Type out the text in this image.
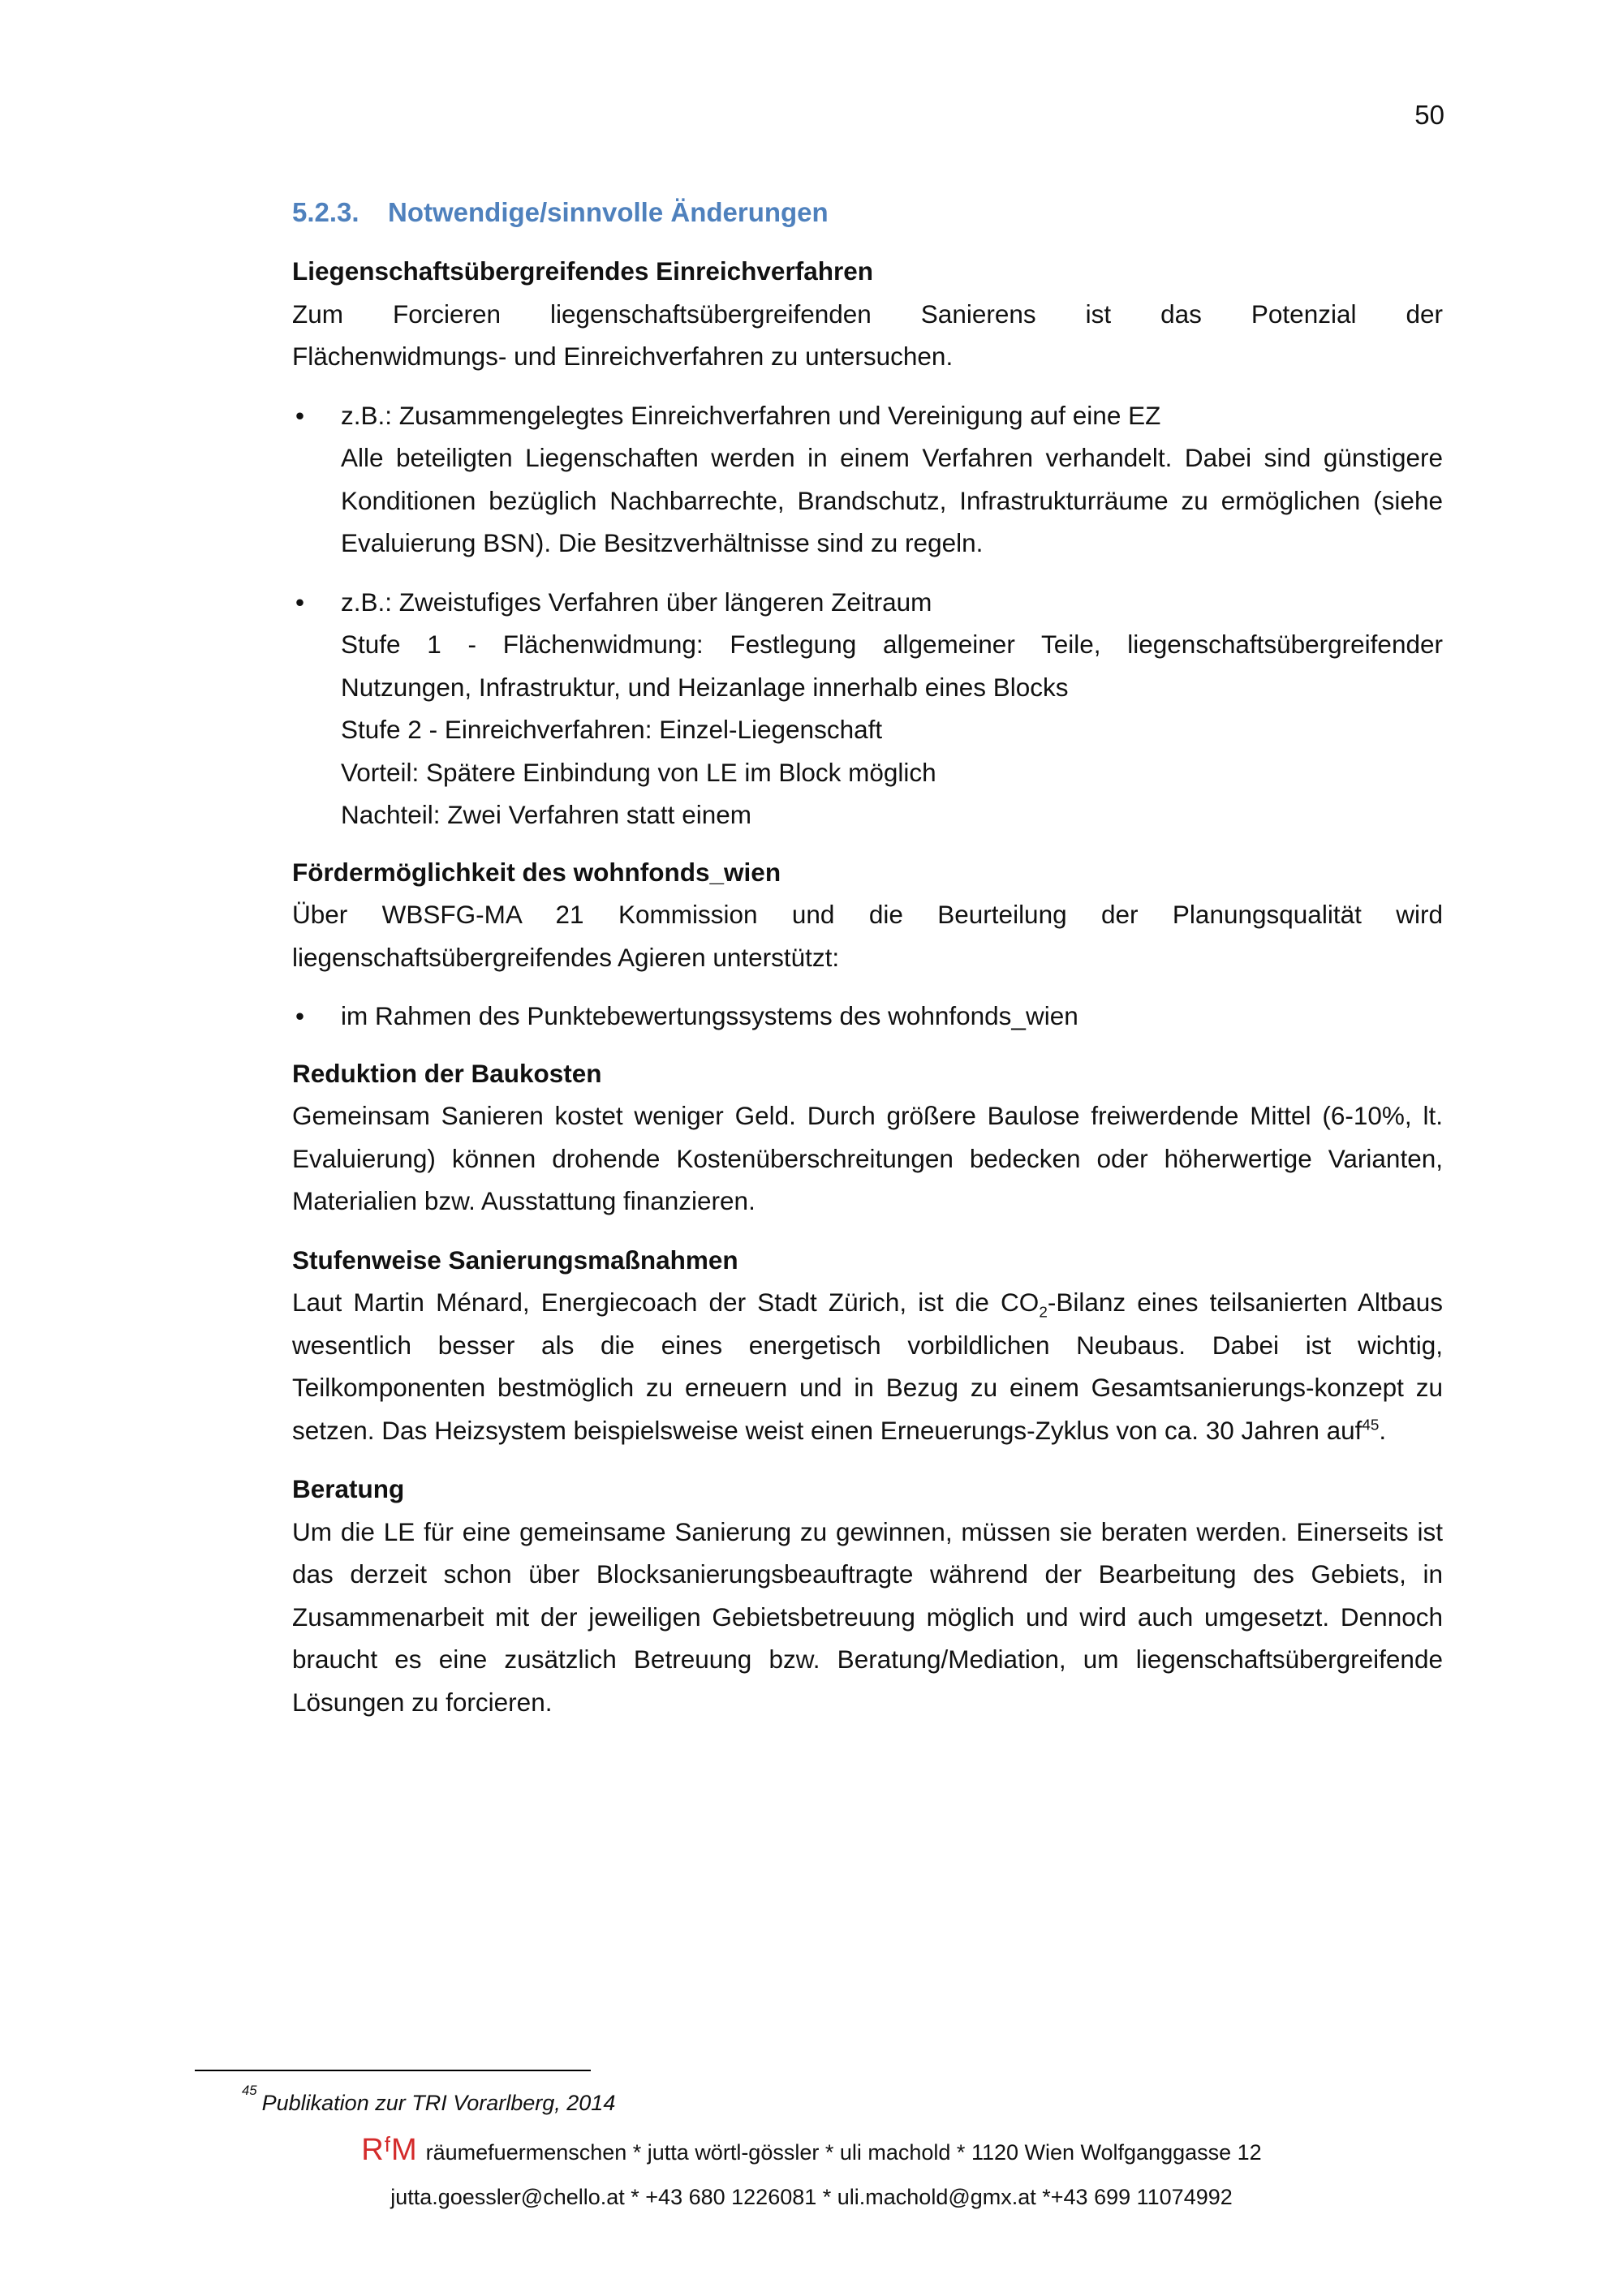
50
5.2.3. Notwendige/sinnvolle Änderungen

Liegenschaftsübergreifendes Einreichverfahren

Zum Forcieren liegenschaftsübergreifenden Sanierens ist das Potenzial der

Flächenwidmungs- und Einreichverfahren zu untersuchen.

•	z.B.: Zusammengelegtes Einreichverfahren und Vereinigung auf eine EZ

Alle beteiligten Liegenschaften werden in einem Verfahren verhandelt. Dabei sind günstigere Konditionen bezüglich Nachbarrechte, Brandschutz, Infrastrukturräume zu ermöglichen (siehe Evaluierung BSN). Die Besitzverhältnisse sind zu regeln.

•	z.B.: Zweistufiges Verfahren über längeren Zeitraum

Stufe 1 - Flächenwidmung: Festlegung allgemeiner Teile, liegenschaftsübergreifender Nutzungen, Infrastruktur, und Heizanlage innerhalb eines Blocks

Stufe 2 - Einreichverfahren: Einzel-Liegenschaft
Vorteil: Spätere Einbindung von LE im Block möglich
Nachteil: Zwei Verfahren statt einem

Fördermöglichkeit des wohnfonds_wien

Über WBSFG-MA 21 Kommission und die Beurteilung der Planungsqualität wird

liegenschaftsübergreifendes Agieren unterstützt:

•	im Rahmen des Punktebewertungssystems des wohnfonds_wien

Reduktion der Baukosten

Gemeinsam Sanieren kostet weniger Geld. Durch größere Baulose freiwerdende Mittel (6-10%, lt. Evaluierung) können drohende Kostenüberschreitungen bedecken oder höherwertige Varianten, Materialien bzw. Ausstattung finanzieren.

Stufenweise Sanierungsmaßnahmen

Laut Martin Ménard, Energiecoach der Stadt Zürich, ist die $CO_2$-Bilanz eines teilsanierten Altbaus wesentlich besser als die eines energetisch vorbildlichen Neubaus. Dabei ist wichtig, Teilkomponenten bestmöglich zu erneuern und in Bezug zu einem Gesamtsanierungs-konzept zu setzen. Das Heizsystem beispielsweise weist einen Erneuerungs-Zyklus von ca. 30 Jahren auf$^{45}$.

Beratung

Um die LE für eine gemeinsame Sanierung zu gewinnen, müssen sie beraten werden. Einerseits ist das derzeit schon über Blocksanierungsbeauftragte während der Bearbeitung des Gebiets, in Zusammenarbeit mit der jeweiligen Gebietsbetreuung möglich und wird auch umgesetzt. Dennoch braucht es eine zusätzlich Betreuung bzw. Beratung/Mediation, um liegenschaftsübergreifende Lösungen zu forcieren.

$^{45}$Publikation zur TRI Vorarlberg, 2014
$R^fM$ räumefuermenschen * jutta wörtl-gössler * uli machold * 1120 Wien Wolfganggasse 12
jutta.goessler@chello.at * +43 680 1226081 * uli.machold@gmx.at *+43 699 11074992
